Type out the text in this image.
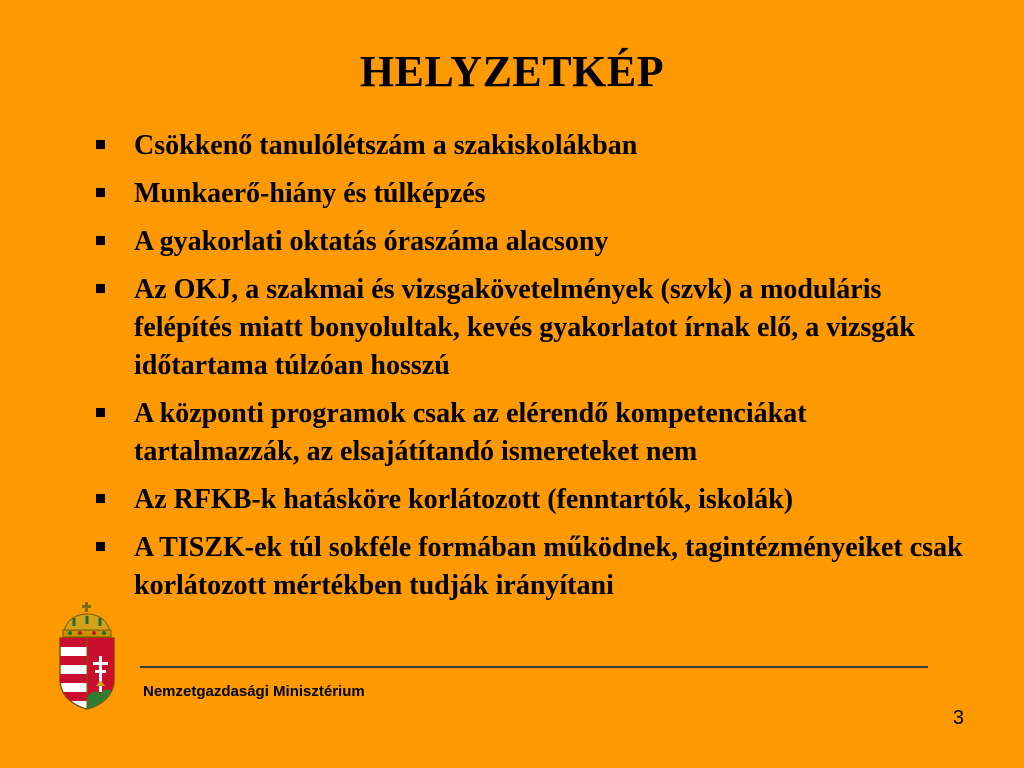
HELYZETKÉP
Csökkenő tanulólétszám a szakiskolákban
Munkaerő-hiány és túlképzés
A gyakorlati oktatás óraszáma alacsony
Az OKJ, a szakmai és vizsgakövetelmények (szvk) a moduláris felépítés miatt bonyolultak, kevés gyakorlatot írnak elő, a vizsgák időtartama túlzóan hosszú
A központi programok csak az elérendő kompetenciákat tartalmazzák, az elsajátítandó ismereteket nem
Az RFKB-k hatásköre korlátozott (fenntartók, iskolák)
A TISZK-ek túl sokféle formában működnek, tagintézményeiket csak korlátozott mértékben tudják irányítani
Nemzetgazdasági Minisztérium
3
